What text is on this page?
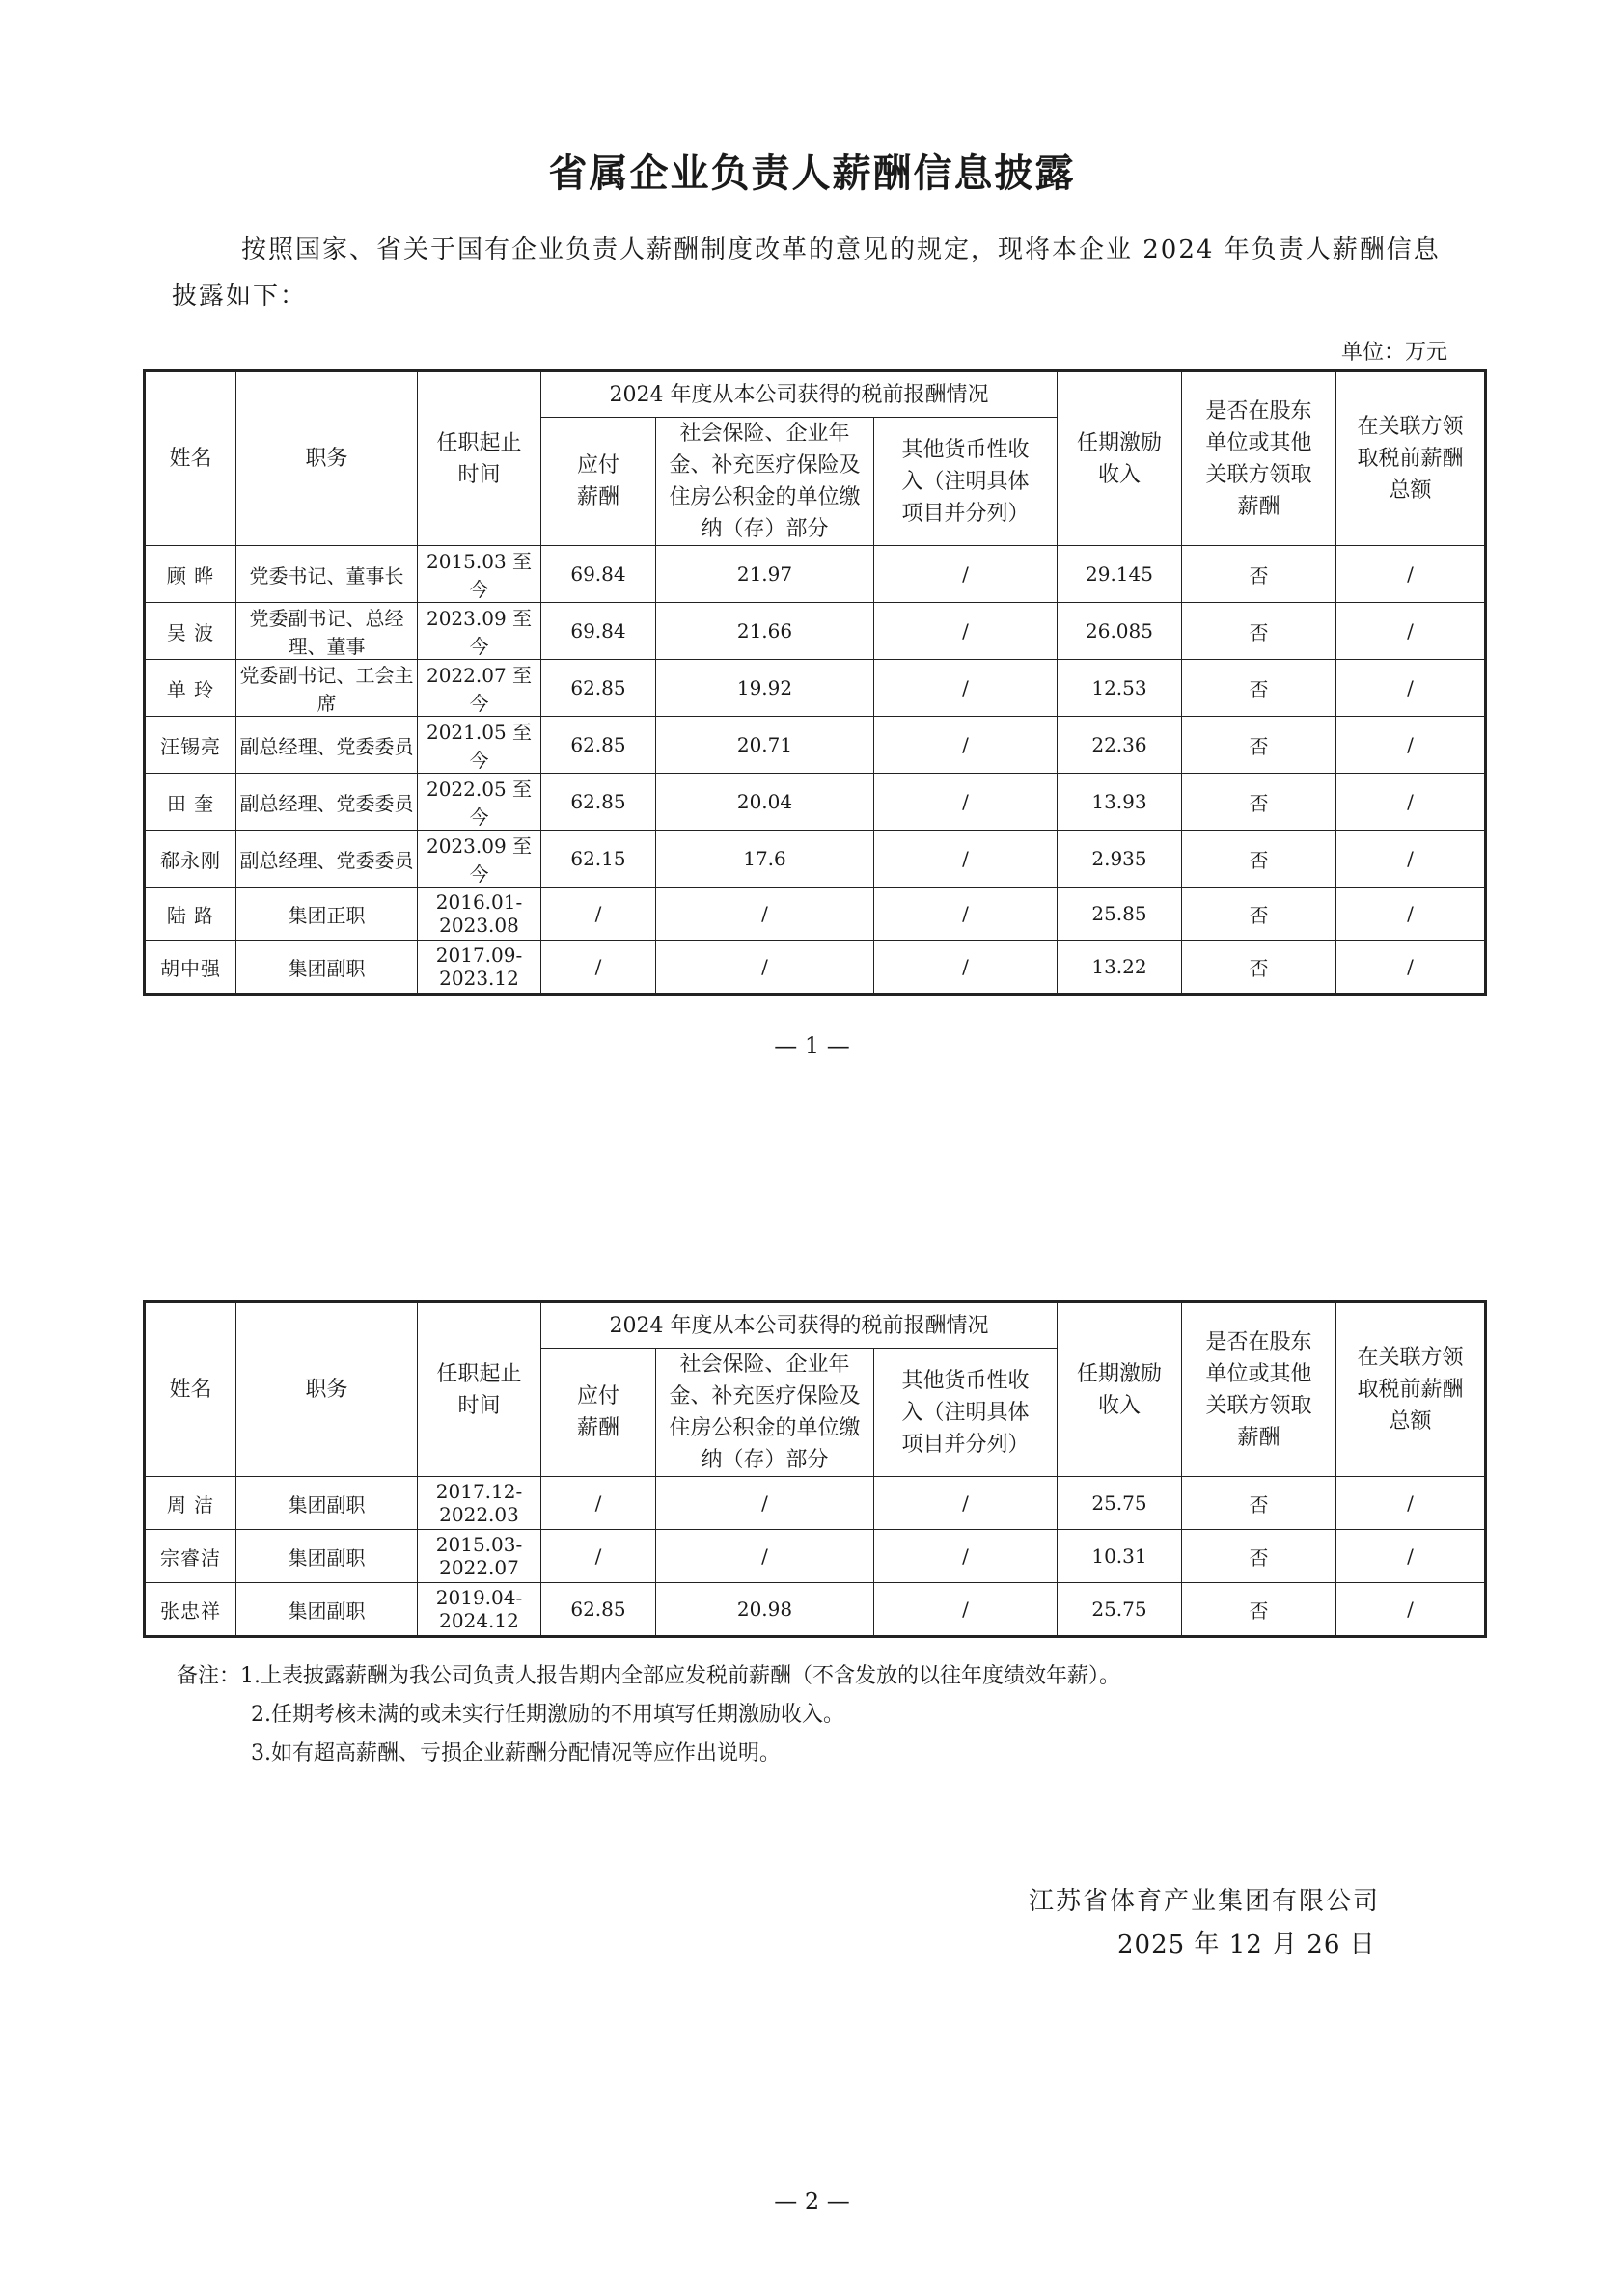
省属企业负责人薪酬信息披露
按照国家、省关于国有企业负责人薪酬制度改革的意见的规定，现将本企业 2024 年负责人薪酬信息披露如下：
单位：万元
姓名	职务	任职起止时间	2024 年度从本公司获得的税前报酬情况			任期激励收入	是否在股东单位或其他关联方领取薪酬	在关联方领取税前薪酬总额
			应付薪酬	社会保险、企业年金、补充医疗保险及住房公积金的单位缴纳（存）部分	其他货币性收入（注明具体项目并分列）			
顾 晔	党委书记、董事长	2015.03 至今	69.84	21.97	/	29.145	否	/
吴 波	党委副书记、总经理、董事	2023.09 至今	69.84	21.66	/	26.085	否	/
单 玲	党委副书记、工会主席	2022.07 至今	62.85	19.92	/	12.53	否	/
汪锡亮	副总经理、党委委员	2021.05 至今	62.85	20.71	/	22.36	否	/
田 奎	副总经理、党委委员	2022.05 至今	62.85	20.04	/	13.93	否	/
郗永刚	副总经理、党委委员	2023.09 至今	62.15	17.6	/	2.935	否	/
陆 路	集团正职	2016.01- 2023.08	/	/	/	25.85	否	/
胡中强	集团副职	2017.09- 2023.12	/	/	/	13.22	否	/
— 1 —
姓名	职务	任职起止时间	2024 年度从本公司获得的税前报酬情况			任期激励收入	是否在股东单位或其他关联方领取薪酬	在关联方领取税前薪酬总额
			应付薪酬	社会保险、企业年金、补充医疗保险及住房公积金的单位缴纳（存）部分	其他货币性收入（注明具体项目并分列）			
周 洁	集团副职	2017.12- 2022.03	/	/	/	25.75	否	/
宗睿洁	集团副职	2015.03- 2022.07	/	/	/	10.31	否	/
张忠祥	集团副职	2019.04- 2024.12	62.85	20.98	/	25.75	否	/
备注：1.上表披露薪酬为我公司负责人报告期内全部应发税前薪酬（不含发放的以往年度绩效年薪）。
2.任期考核未满的或未实行任期激励的不用填写任期激励收入。
3.如有超高薪酬、亏损企业薪酬分配情况等应作出说明。
江苏省体育产业集团有限公司
2025 年 12 月 26 日
— 2 —
